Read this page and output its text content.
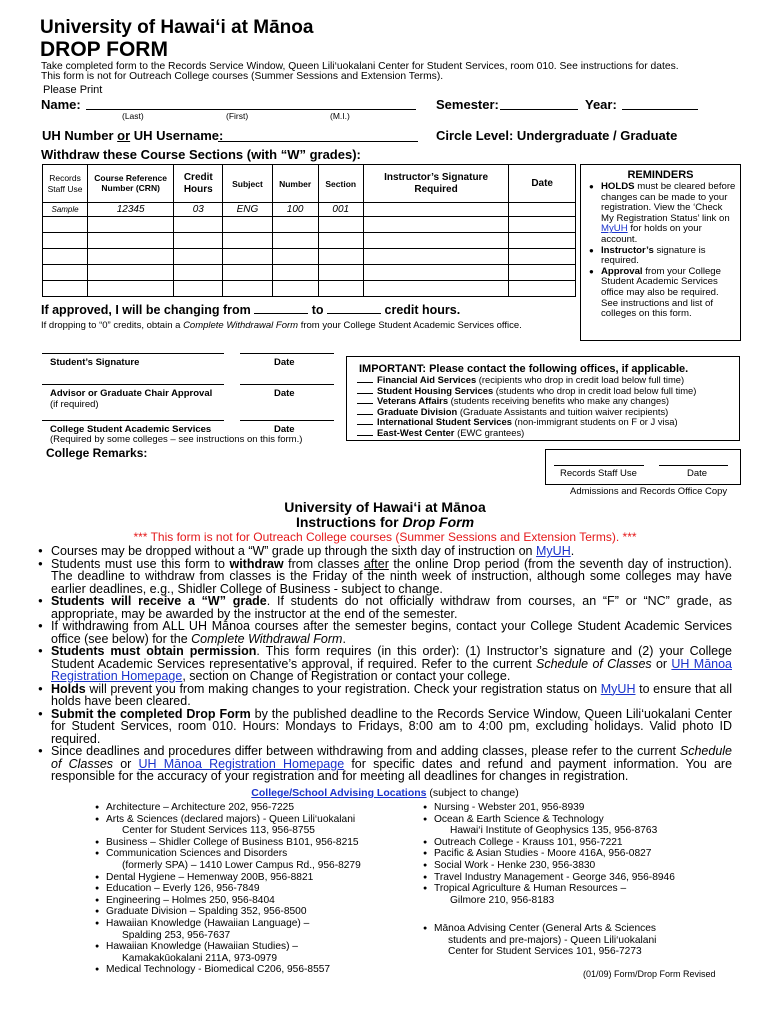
University of Hawai‘i at Mānoa
DROP FORM
Take completed form to the Records Service Window, Queen Lili‘uokalani Center for Student Services, room 010. See instructions for dates.
This form is not for Outreach College courses (Summer Sessions and Extension Terms).
Please Print
Name:
(Last)	(First)	(M.I.)
Semester:	Year:
UH Number or UH Username:	Circle Level: Undergraduate / Graduate
Withdraw these Course Sections (with “W” grades):
Records Staff Use	Course Reference Number (CRN)	Credit Hours	Subject	Number	Section	Instructor’s Signature Required	Date
Sample	12345	03	ENG	100	001		

REMINDERS
● HOLDS must be cleared before changes can be made to your registration. View the ‘Check My Registration Status’ link on MyUH for holds on your account.
● Instructor’s signature is required.
● Approval from your College Student Academic Services office may also be required. See instructions and list of colleges on this form.
If approved, I will be changing from	to	credit hours.
If dropping to “0” credits, obtain a Complete Withdrawal Form from your College Student Academic Services office.
Student’s Signature	Date
Advisor or Graduate Chair Approval
(if required)
Date
College Student Academic Services
(Required by some colleges – see instructions on this form.)
Date
IMPORTANT: Please contact the following offices, if applicable.
Financial Aid Services (recipients who drop in credit load below full time)
Student Housing Services (students who drop in credit load below full time)
Veterans Affairs (students receiving benefits who make any changes)
Graduate Division (Graduate Assistants and tuition waiver recipients)
International Student Services (non-immigrant students on F or J visa)
East-West Center (EWC grantees)
College Remarks:
Records Staff Use	Date
Admissions and Records Office Copy
University of Hawai‘i at Mānoa
Instructions for Drop Form
*** This form is not for Outreach College courses (Summer Sessions and Extension Terms). ***
● Courses may be dropped without a “W” grade up through the sixth day of instruction on MyUH.
● Students must use this form to withdraw from classes after the online Drop period (from the seventh day of instruction). The deadline to withdraw from classes is the Friday of the ninth week of instruction, although some colleges may have earlier deadlines, e.g., Shidler College of Business - subject to change.
● Students will receive a “W” grade. If students do not officially withdraw from courses, an “F” or “NC” grade, as appropriate, may be awarded by the instructor at the end of the semester.
● If withdrawing from ALL UH Mānoa courses after the semester begins, contact your College Student Academic Services office (see below) for the Complete Withdrawal Form.
● Students must obtain permission. This form requires (in this order): (1) Instructor’s signature and (2) your College Student Academic Services representative’s approval, if required. Refer to the current Schedule of Classes or UH Mānoa Registration Homepage, section on Change of Registration or contact your college.
● Holds will prevent you from making changes to your registration. Check your registration status on MyUH to ensure that all holds have been cleared.
● Submit the completed Drop Form by the published deadline to the Records Service Window, Queen Lili‘uokalani Center for Student Services, room 010. Hours: Mondays to Fridays, 8:00 am to 4:00 pm, excluding holidays. Valid photo ID required.
● Since deadlines and procedures differ between withdrawing from and adding classes, please refer to the current Schedule of Classes or UH Mānoa Registration Homepage for specific dates and refund and payment information. You are responsible for the accuracy of your registration and for meeting all deadlines for changes in registration.
College/School Advising Locations (subject to change)
● Architecture – Architecture 202, 956-7225
● Arts & Sciences (declared majors) - Queen Lili‘uokalani
Center for Student Services 113, 956-8755
● Business – Shidler College of Business B101, 956-8215
● Communication Sciences and Disorders
(formerly SPA) – 1410 Lower Campus Rd., 956-8279
● Dental Hygiene – Hemenway 200B, 956-8821
● Education – Everly 126, 956-7849
● Engineering – Holmes 250, 956-8404
● Graduate Division – Spalding 352, 956-8500
● Hawaiian Knowledge (Hawaiian Language) –
Spalding 253, 956-7637
● Hawaiian Knowledge (Hawaiian Studies) –
Kamakakūokalani 211A, 973-0979
● Medical Technology - Biomedical C206, 956-8557
● Nursing - Webster 201, 956-8939
● Ocean & Earth Science & Technology
Hawai‘i Institute of Geophysics 135, 956-8763
● Outreach College - Krauss 101, 956-7221
● Pacific & Asian Studies - Moore 416A, 956-0827
● Social Work - Henke 230, 956-3830
● Travel Industry Management - George 346, 956-8946
● Tropical Agriculture & Human Resources –
Gilmore 210, 956-8183
● Mānoa Advising Center (General Arts & Sciences
students and pre-majors) - Queen Lili‘uokalani
Center for Student Services 101, 956-7273
(01/09) Form/Drop Form Revised
